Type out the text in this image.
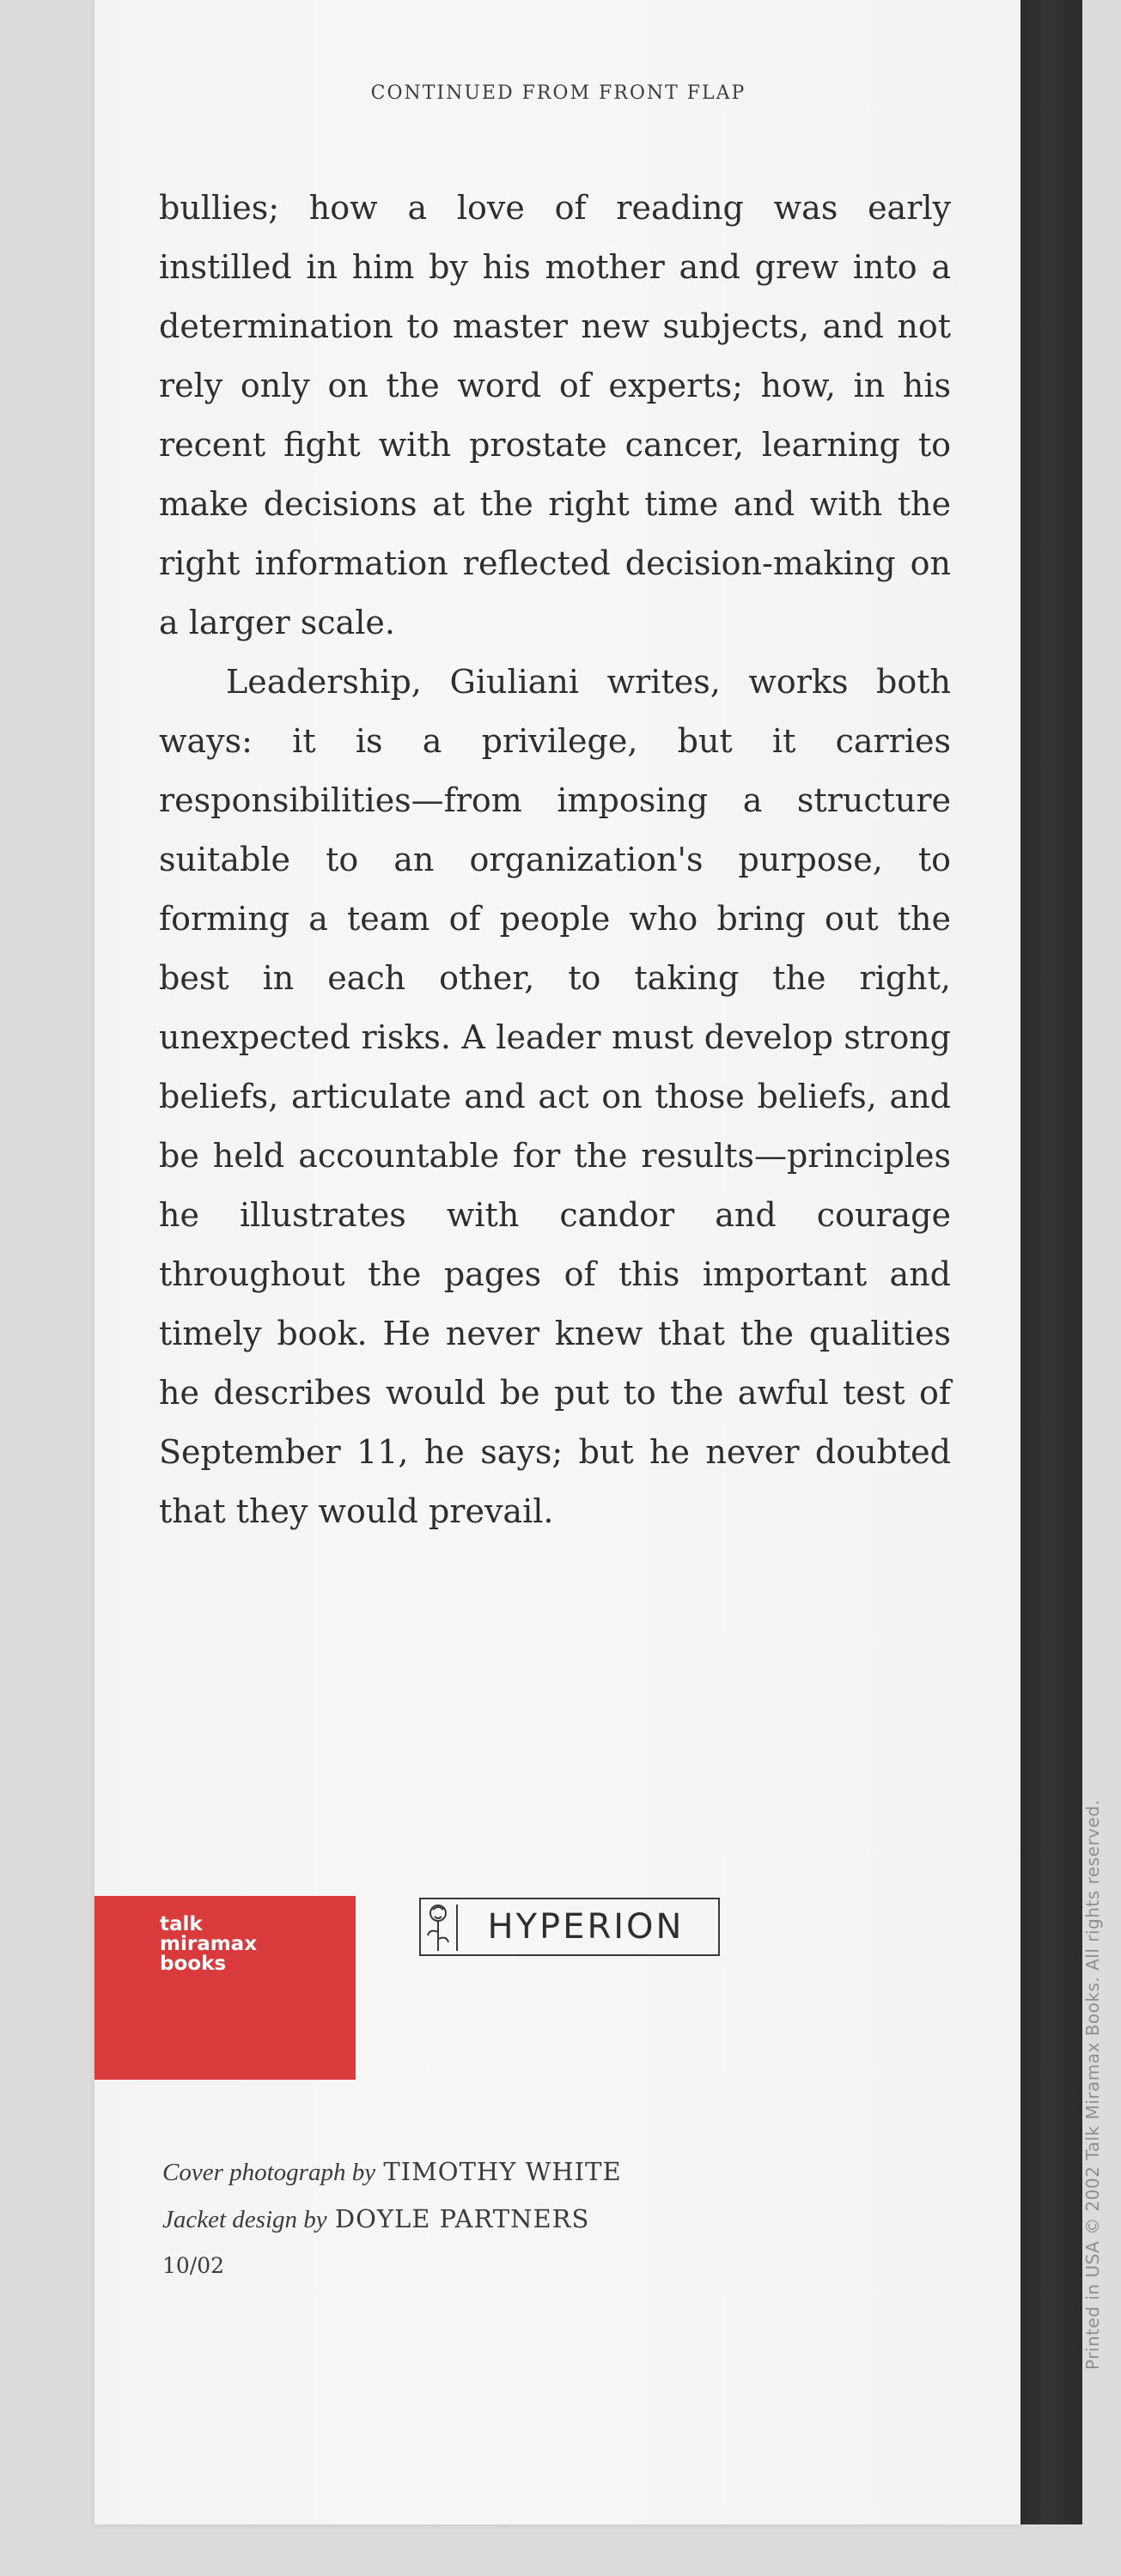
Printed in USA © 2002 Talk Miramax Books. All rights reserved.
CONTINUED FROM FRONT FLAP

bullies; how a love of reading was early instilled in him by his mother and grew into a determination to master new subjects, and not rely only on the word of experts; how, in his recent fight with prostate cancer, learning to make decisions at the right time and with the right information reflected decision-making on a larger scale.

Leadership, Giuliani writes, works both ways: it is a privilege, but it carries responsibilities—from imposing a structure suitable to an organization's purpose, to forming a team of people who bring out the best in each other, to taking the right, unexpected risks. A leader must develop strong beliefs, articulate and act on those beliefs, and be held accountable for the results—principles he illustrates with candor and courage throughout the pages of this important and timely book. He never knew that the qualities he describes would be put to the awful test of September 11, he says; but he never doubted that they would prevail.

talk
miramax
books
HYPERION
Cover photograph by TIMOTHY WHITE
Jacket design by DOYLE PARTNERS
10/02
